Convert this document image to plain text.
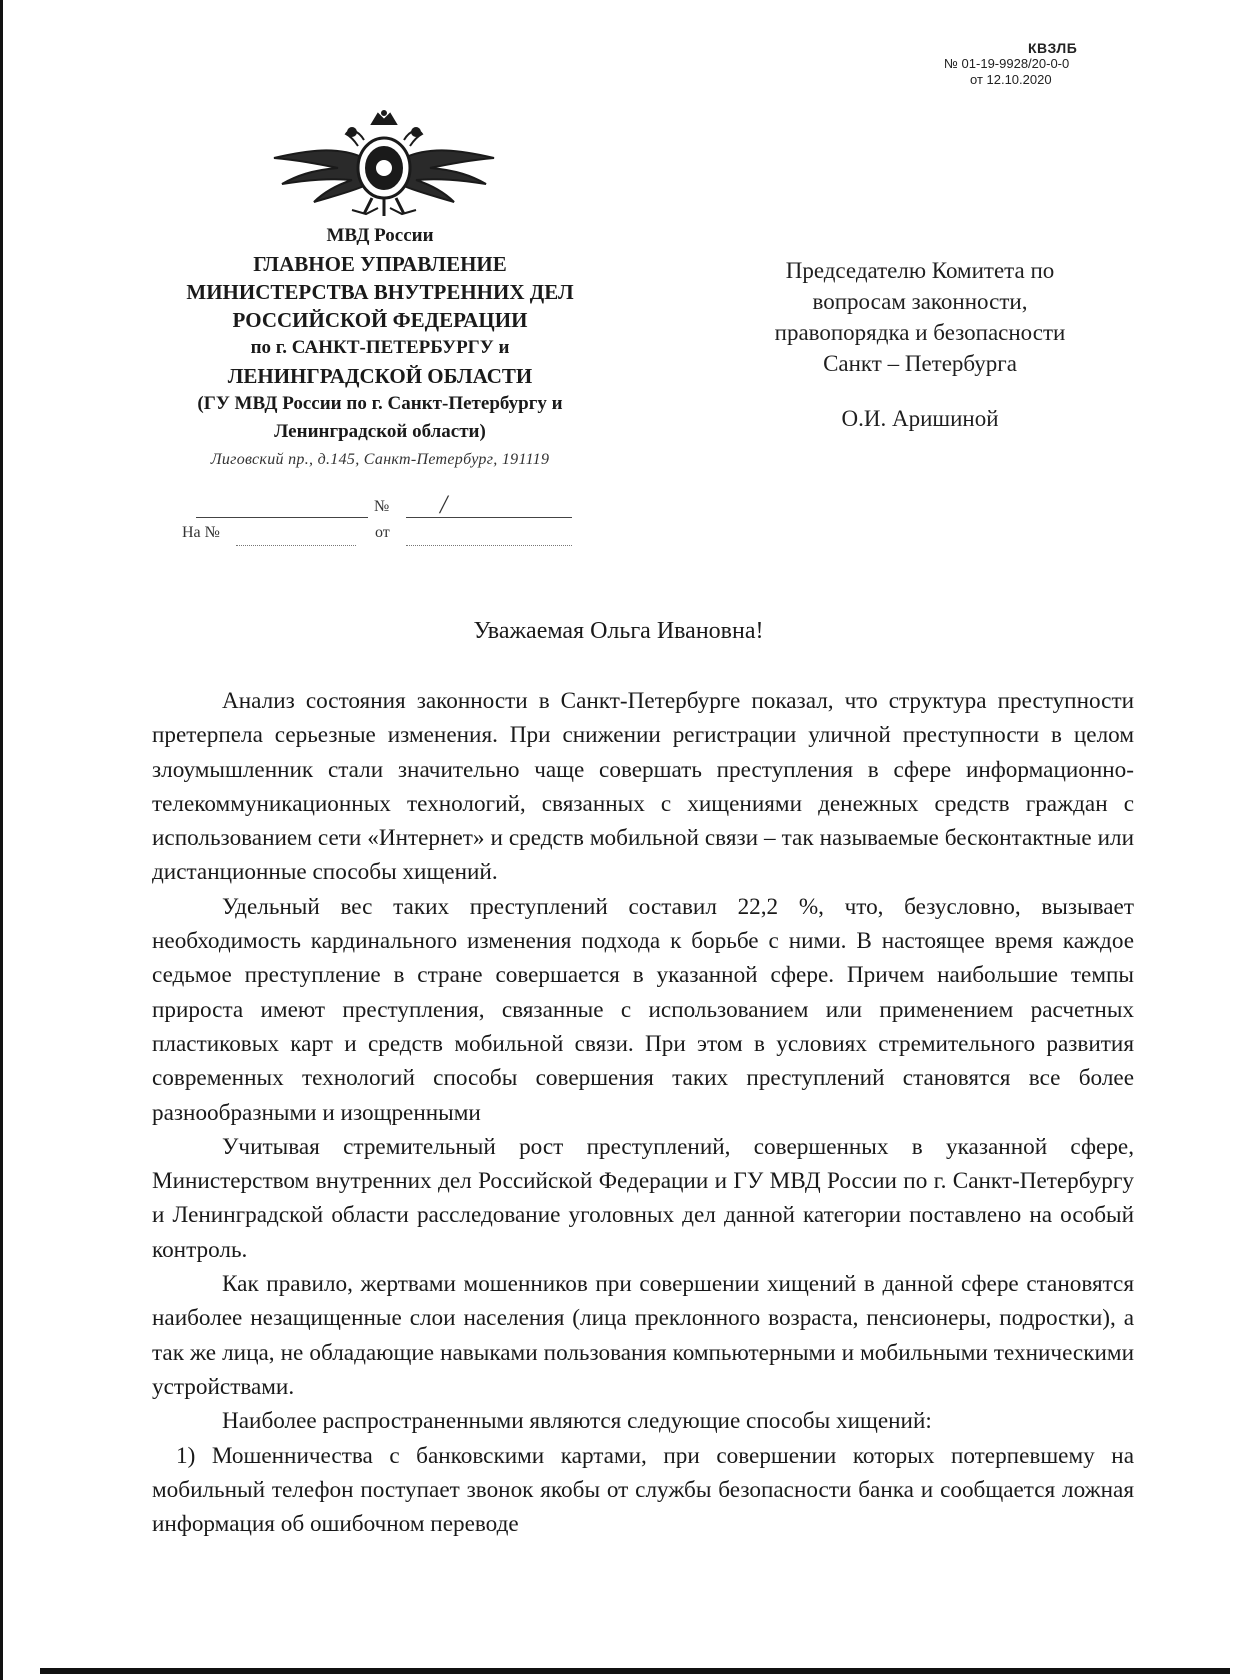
КВЗЛБ
№ 01-19-9928/20-0-0
от 12.10.2020
МВД России
ГЛАВНОЕ УПРАВЛЕНИЕ
МИНИСТЕРСТВА ВНУТРЕННИХ ДЕЛ
РОССИЙСКОЙ ФЕДЕРАЦИИ
по г. САНКТ-ПЕТЕРБУРГУ и
ЛЕНИНГРАДСКОЙ ОБЛАСТИ
(ГУ МВД России по г. Санкт-Петербургу и
Ленинградской области)
Лиговский пр., д.145, Санкт-Петербург, 191119
№ /
На №	от
Председателю Комитета по
вопросам законности,
правопорядка и безопасности
Санкт – Петербурга
О.И. Аришиной
Уважаемая Ольга Ивановна!

Анализ состояния законности в Санкт-Петербурге показал, что структура преступности претерпела серьезные изменения. При снижении регистрации уличной преступности в целом злоумышленник стали значительно чаще совершать преступления в сфере информационно-телекоммуникационных технологий, связанных с хищениями денежных средств граждан с использованием сети «Интернет» и средств мобильной связи – так называемые бесконтактные или дистанционные способы хищений.

Удельный вес таких преступлений составил 22,2 %, что, безусловно, вызывает необходимость кардинального изменения подхода к борьбе с ними. В настоящее время каждое седьмое преступление в стране совершается в указанной сфере. Причем наибольшие темпы прироста имеют преступления, связанные с использованием или применением расчетных пластиковых карт и средств мобильной связи. При этом в условиях стремительного развития современных технологий способы совершения таких преступлений становятся все более разнообразными и изощренными

Учитывая стремительный рост преступлений, совершенных в указанной сфере, Министерством внутренних дел Российской Федерации и ГУ МВД России по г. Санкт-Петербургу и Ленинградской области расследование уголовных дел данной категории поставлено на особый контроль.

Как правило, жертвами мошенников при совершении хищений в данной сфере становятся наиболее незащищенные слои населения (лица преклонного возраста, пенсионеры, подростки), а так же лица, не обладающие навыками пользования компьютерными и мобильными техническими устройствами.

Наиболее распространенными являются следующие способы хищений:

1) Мошенничества с банковскими картами, при совершении которых потерпевшему на мобильный телефон поступает звонок якобы от службы безопасности банка и сообщается ложная информация об ошибочном переводе
